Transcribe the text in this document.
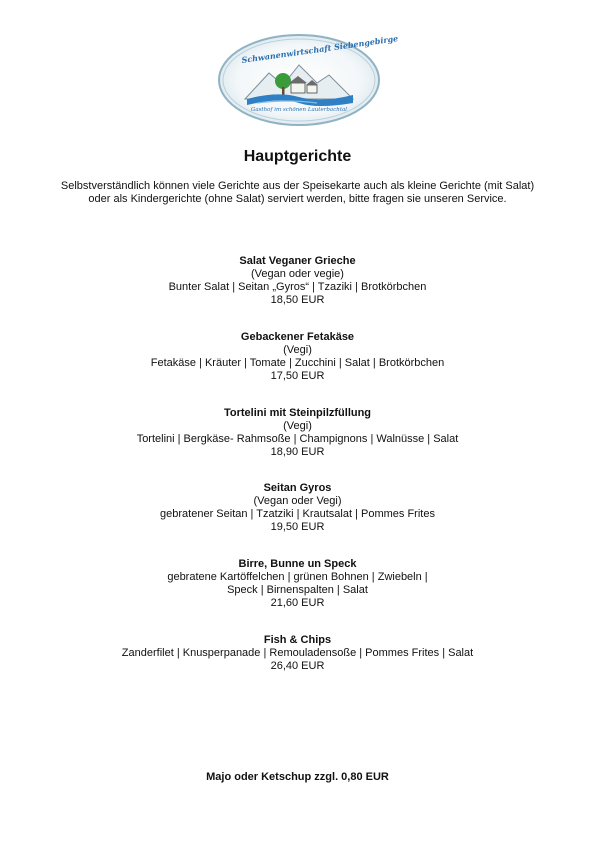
Schwanenwirtschaft Siebengebirge
Gasthof im schönen Lauterbachtal
Hauptgerichte
Selbstverständlich können viele Gerichte aus der Speisekarte auch als kleine Gerichte (mit Salat)
oder als Kindergerichte (ohne Salat) serviert werden, bitte fragen sie unseren Service.
Salat Veganer Grieche
(Vegan oder vegie)
Bunter Salat | Seitan „Gyros“ | Tzaziki | Brotkörbchen
18,50 EUR
Gebackener Fetakäse
(Vegi)
Fetakäse | Kräuter | Tomate | Zucchini | Salat | Brotkörbchen
17,50 EUR
Tortelini mit Steinpilzfüllung
(Vegi)
Tortelini | Bergkäse- Rahmsoße | Champignons | Walnüsse | Salat
18,90 EUR
Seitan Gyros
(Vegan oder Vegi)
gebratener Seitan | Tzatziki | Krautsalat | Pommes Frites
19,50 EUR
Birre, Bunne un Speck
gebratene Kartöffelchen | grünen Bohnen | Zwiebeln |
Speck | Birnenspalten | Salat
21,60 EUR
Fish & Chips
Zanderfilet | Knusperpanade | Remouladensoße | Pommes Frites | Salat
26,40 EUR
Majo oder Ketschup zzgl. 0,80 EUR
